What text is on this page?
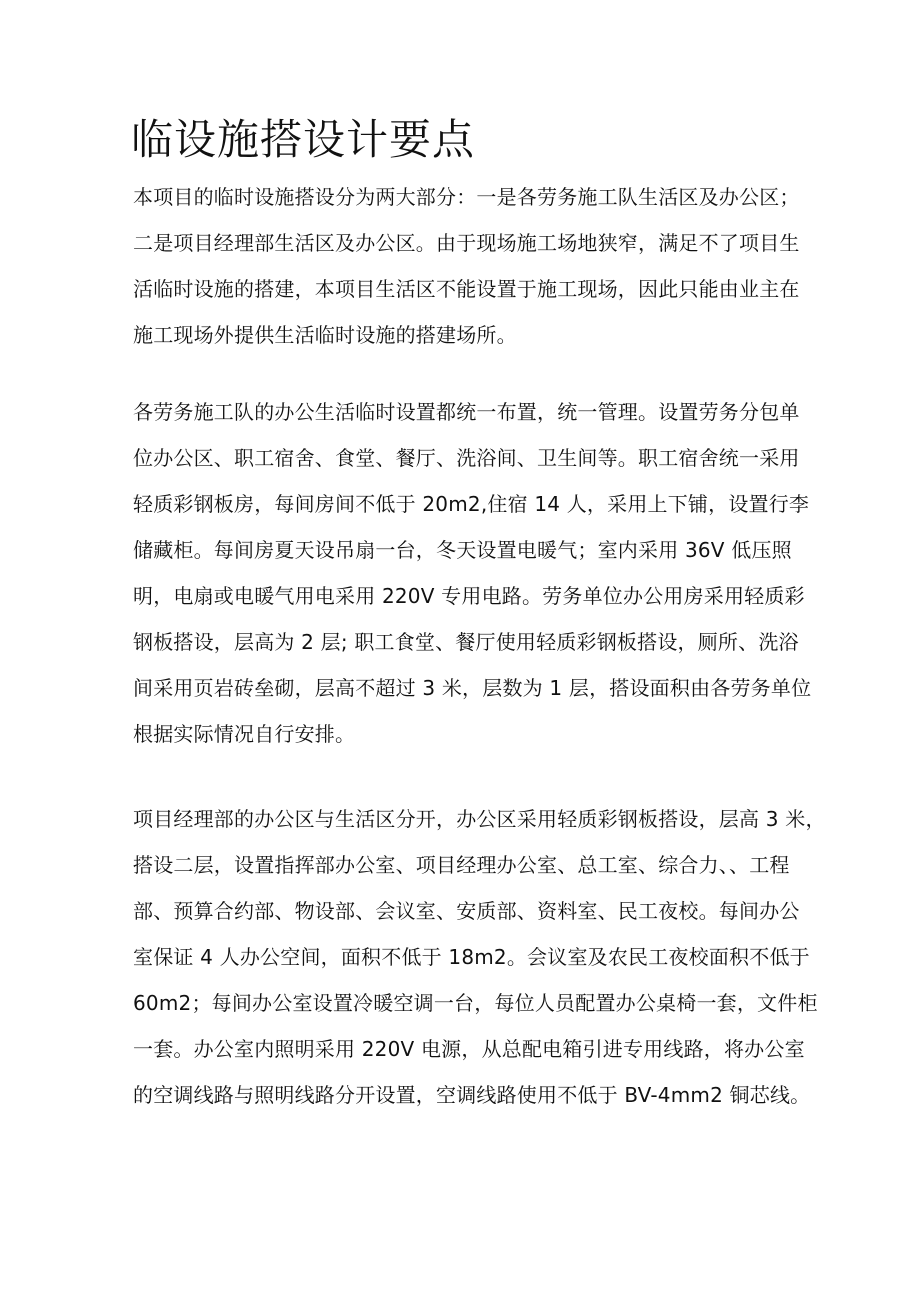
临设施搭设计要点
本项目的临时设施搭设分为两大部分：一是各劳务施工队生活区及办公区；
二是项目经理部生活区及办公区。由于现场施工场地狭窄，满足不了项目生
活临时设施的搭建，本项目生活区不能设置于施工现场，因此只能由业主在
施工现场外提供生活临时设施的搭建场所。
各劳务施工队的办公生活临时设置都统一布置，统一管理。设置劳务分包单
位办公区、职工宿舍、食堂、餐厅、洗浴间、卫生间等。职工宿舍统一采用
轻质彩钢板房，每间房间不低于 20m2,住宿 14 人，采用上下铺，设置行李
储藏柜。每间房夏天设吊扇一台，冬天设置电暖气；室内采用 36V 低压照
明，电扇或电暖气用电采用 220V 专用电路。劳务单位办公用房采用轻质彩
钢板搭设，层高为 2 层; 职工食堂、餐厅使用轻质彩钢板搭设，厕所、洗浴
间采用页岩砖垒砌，层高不超过 3 米，层数为 1 层，搭设面积由各劳务单位
根据实际情况自行安排。
项目经理部的办公区与生活区分开，办公区采用轻质彩钢板搭设，层高 3 米，
搭设二层，设置指挥部办公室、项目经理办公室、总工室、综合力、、工程
部、预算合约部、物设部、会议室、安质部、资料室、民工夜校。每间办公
室保证 4 人办公空间，面积不低于 18m2。会议室及农民工夜校面积不低于
60m2；每间办公室设置冷暖空调一台，每位人员配置办公桌椅一套，文件柜
一套。办公室内照明采用 220V 电源，从总配电箱引进专用线路，将办公室
的空调线路与照明线路分开设置，空调线路使用不低于 BV-4mm2 铜芯线。
